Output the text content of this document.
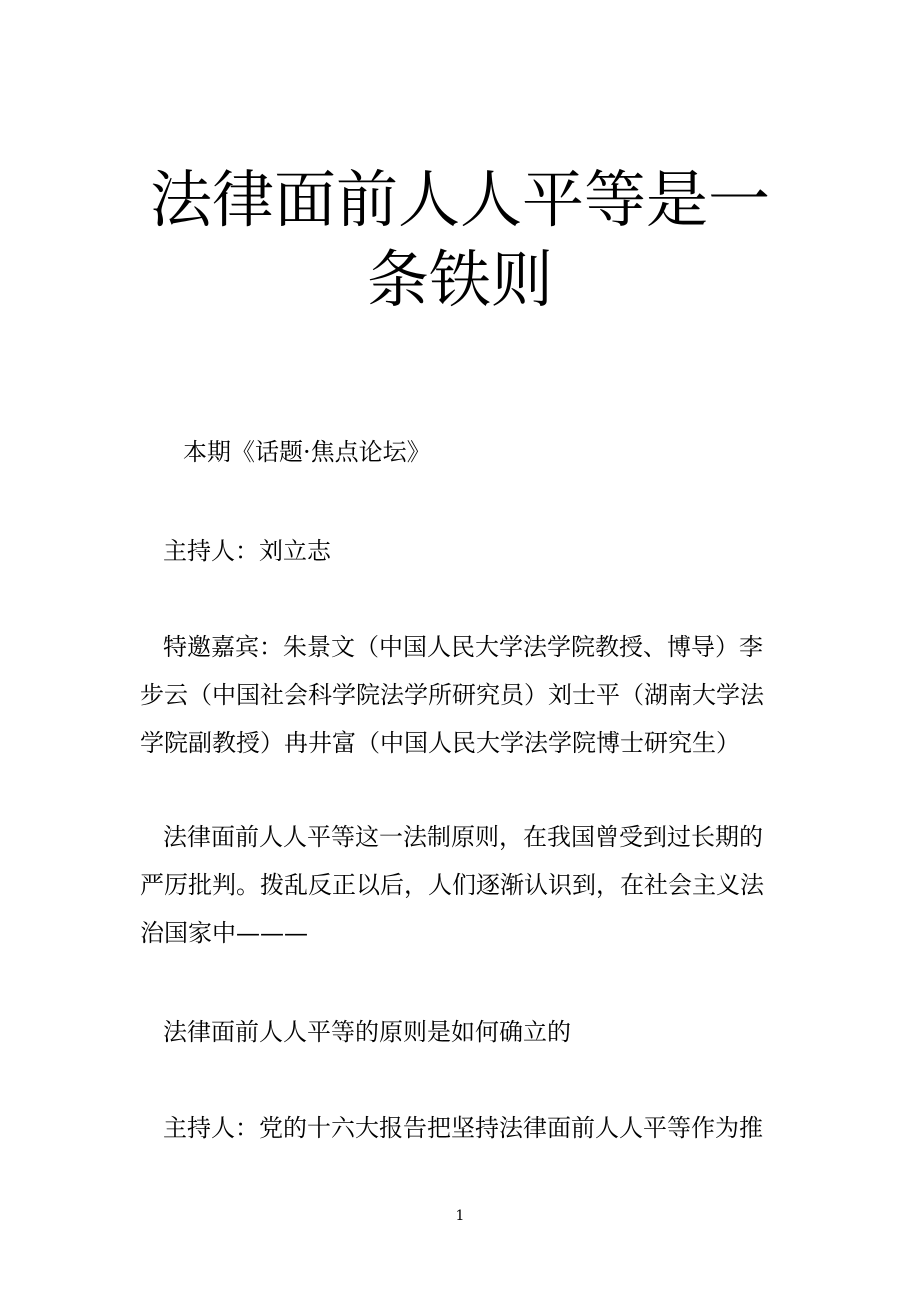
法律面前人人平等是一条铁则

本期《话题·焦点论坛》

主持人：刘立志

特邀嘉宾：朱景文（中国人民大学法学院教授、博导）李步云（中国社会科学院法学所研究员）刘士平（湖南大学法学院副教授）冉井富（中国人民大学法学院博士研究生）

法律面前人人平等这一法制原则，在我国曾受到过长期的严厉批判。拨乱反正以后，人们逐渐认识到，在社会主义法治国家中———

法律面前人人平等的原则是如何确立的

主持人：党的十六大报告把坚持法律面前人人平等作为推

1
